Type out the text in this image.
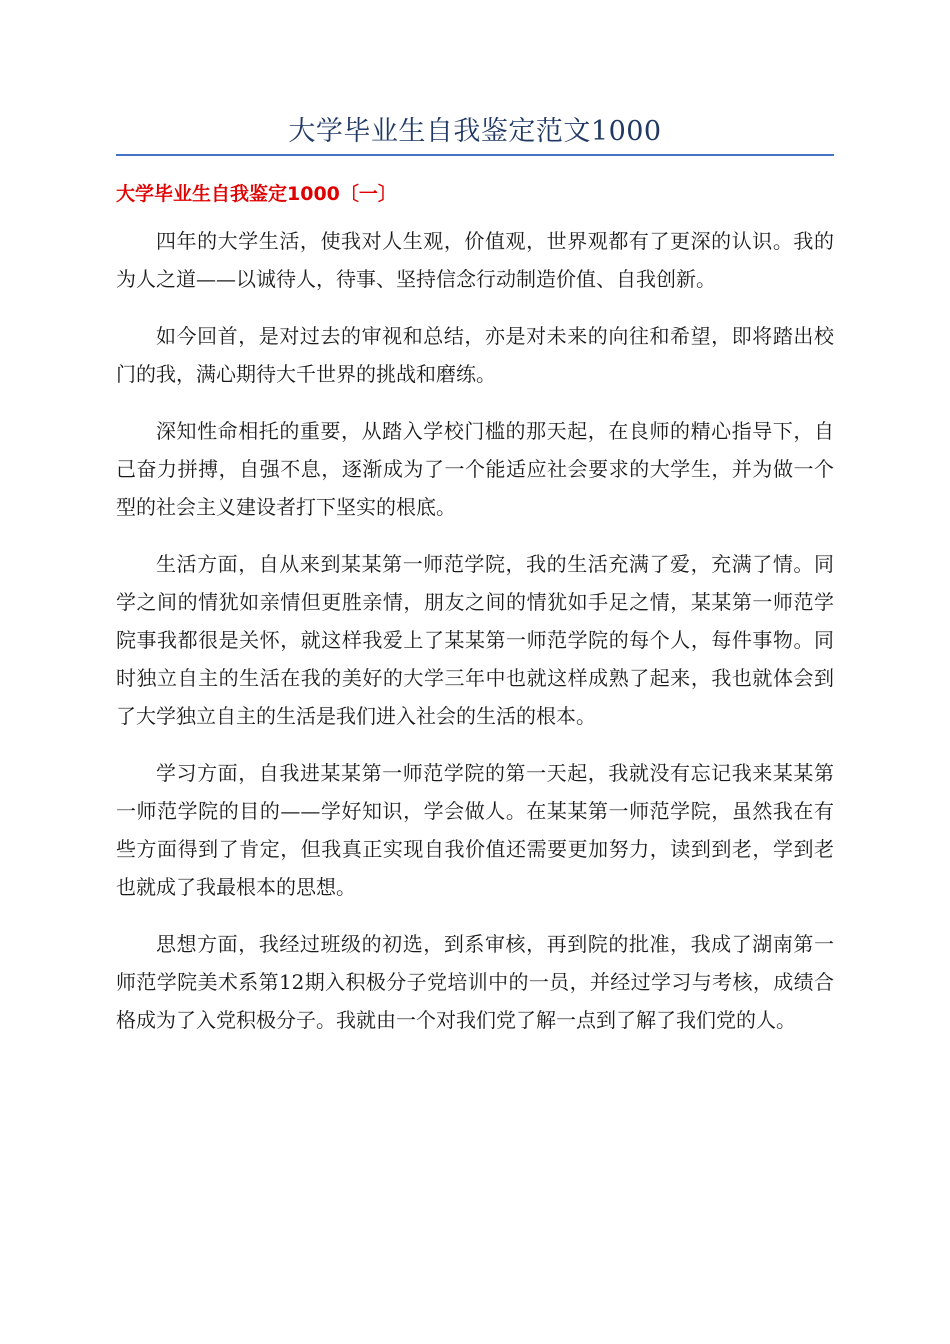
大学毕业生自我鉴定范文1000
大学毕业生自我鉴定1000〔一〕

四年的大学生活，使我对人生观，价值观，世界观都有了更深的认识。我的为人之道——以诚待人，待事、坚持信念行动制造价值、自我创新。

如今回首，是对过去的审视和总结，亦是对未来的向往和希望，即将踏出校门的我，满心期待大千世界的挑战和磨练。

深知性命相托的重要，从踏入学校门槛的那天起，在良师的精心指导下，自己奋力拼搏，自强不息，逐渐成为了一个能适应社会要求的大学生，并为做一个型的社会主义建设者打下坚实的根底。

生活方面，自从来到某某第一师范学院，我的生活充满了爱，充满了情。同学之间的情犹如亲情但更胜亲情，朋友之间的情犹如手足之情，某某第一师范学院事我都很是关怀，就这样我爱上了某某第一师范学院的每个人，每件事物。同时独立自主的生活在我的美好的大学三年中也就这样成熟了起来，我也就体会到了大学独立自主的生活是我们进入社会的生活的根本。

学习方面，自我进某某第一师范学院的第一天起，我就没有忘记我来某某第一师范学院的目的——学好知识，学会做人。在某某第一师范学院，虽然我在有些方面得到了肯定，但我真正实现自我价值还需要更加努力，读到到老，学到老也就成了我最根本的思想。

思想方面，我经过班级的初选，到系审核，再到院的批准，我成了湖南第一师范学院美术系第12期入积极分子党培训中的一员，并经过学习与考核，成绩合格成为了入党积极分子。我就由一个对我们党了解一点到了解了我们党的人。
